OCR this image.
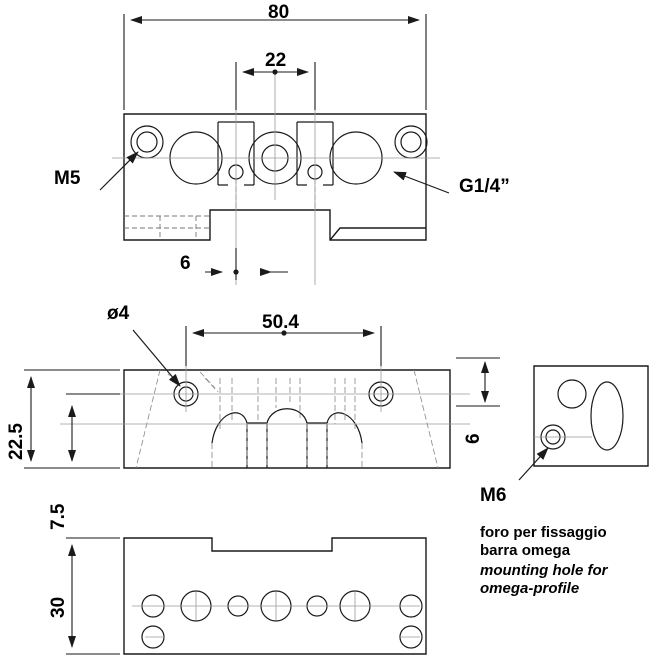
80
22
6
50.4
22.5
7.5
30
6
M5	G1/4”
ø4
M6
foro per fissaggio
barra omega
mounting hole for
omega-profile
